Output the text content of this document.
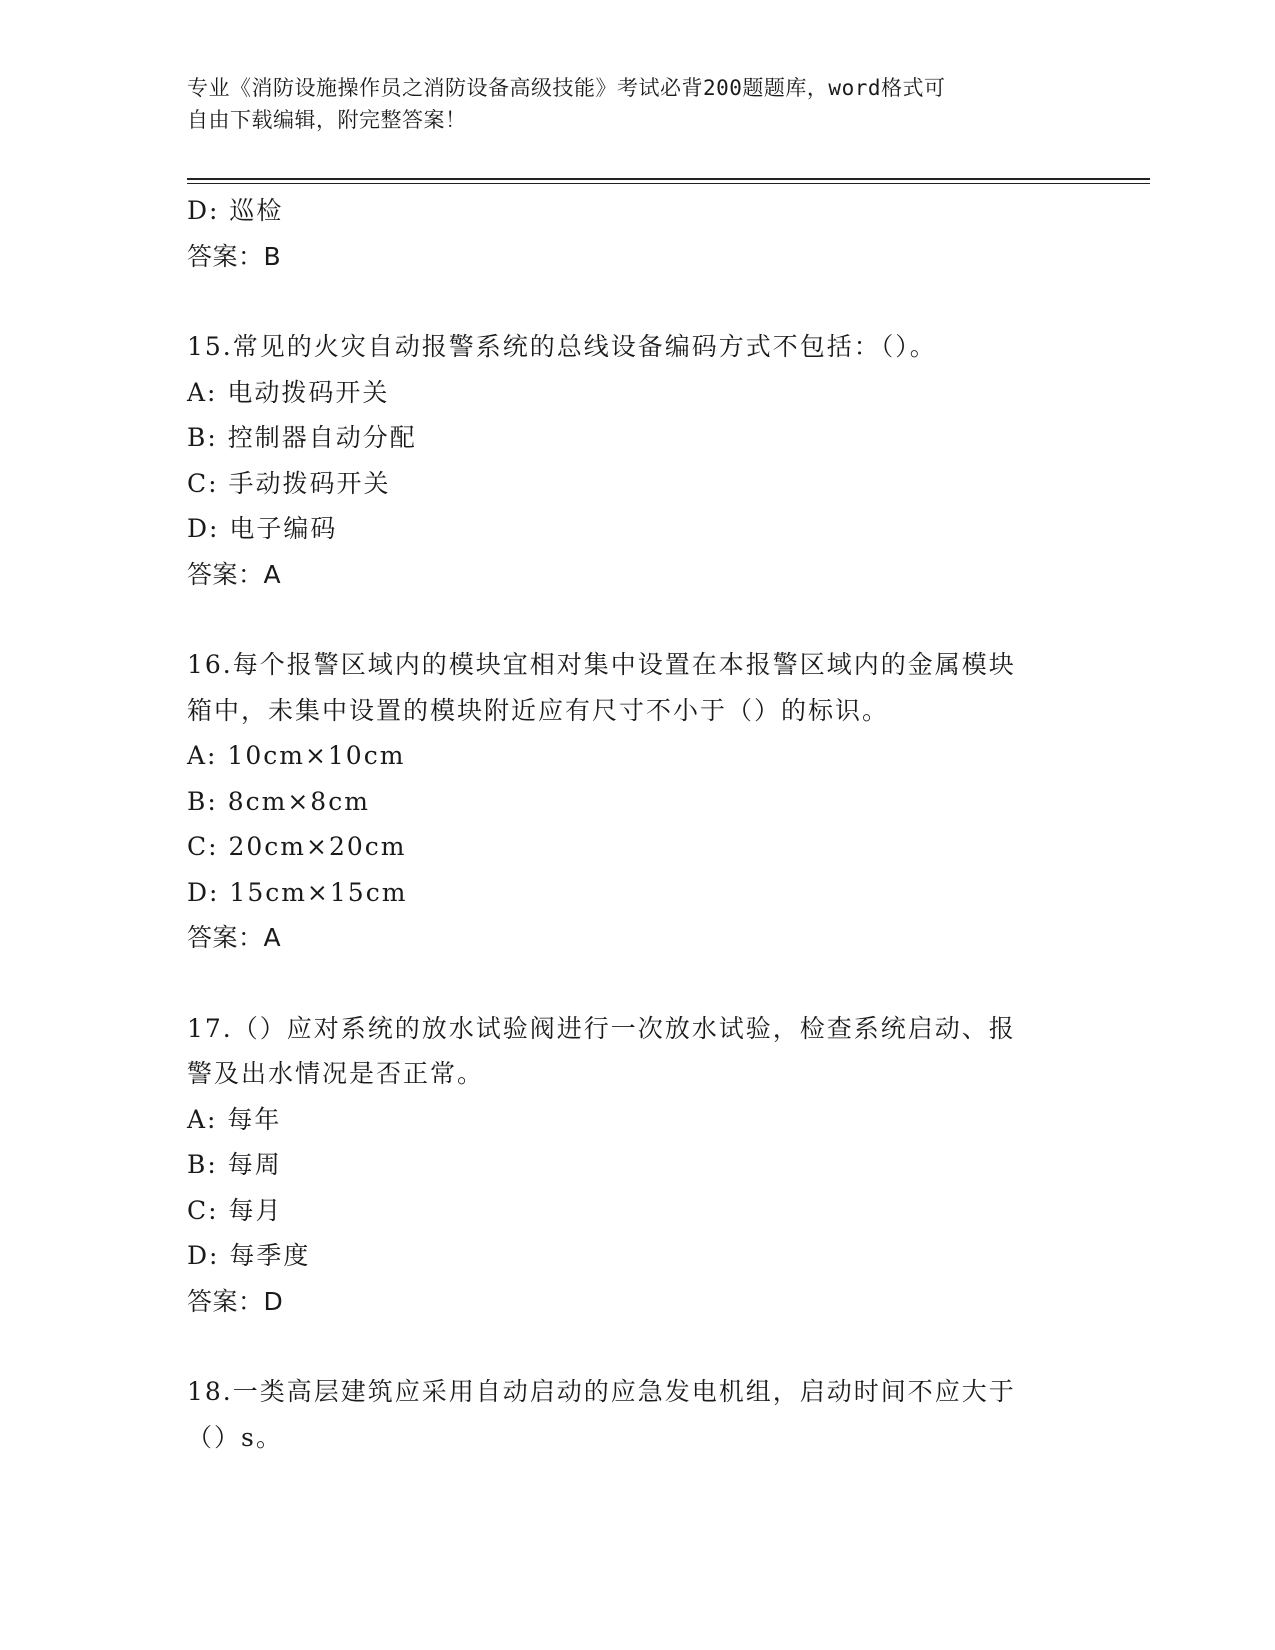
专业《消防设施操作员之消防设备高级技能》考试必背200题题库，word格式可
自由下载编辑，附完整答案！

D: 巡检

答案：B

15.常见的火灾自动报警系统的总线设备编码方式不包括：（）。

A: 电动拨码开关

B: 控制器自动分配

C: 手动拨码开关

D: 电子编码

答案：A

16.每个报警区域内的模块宜相对集中设置在本报警区域内的金属模块

箱中，未集中设置的模块附近应有尺寸不小于（）的标识。

A: 10cm×10cm

B: 8cm×8cm

C: 20cm×20cm

D: 15cm×15cm

答案：A

17.（）应对系统的放水试验阀进行一次放水试验，检查系统启动、报

警及出水情况是否正常。

A: 每年

B: 每周

C: 每月

D: 每季度

答案：D

18.一类高层建筑应采用自动启动的应急发电机组，启动时间不应大于

（）s。
